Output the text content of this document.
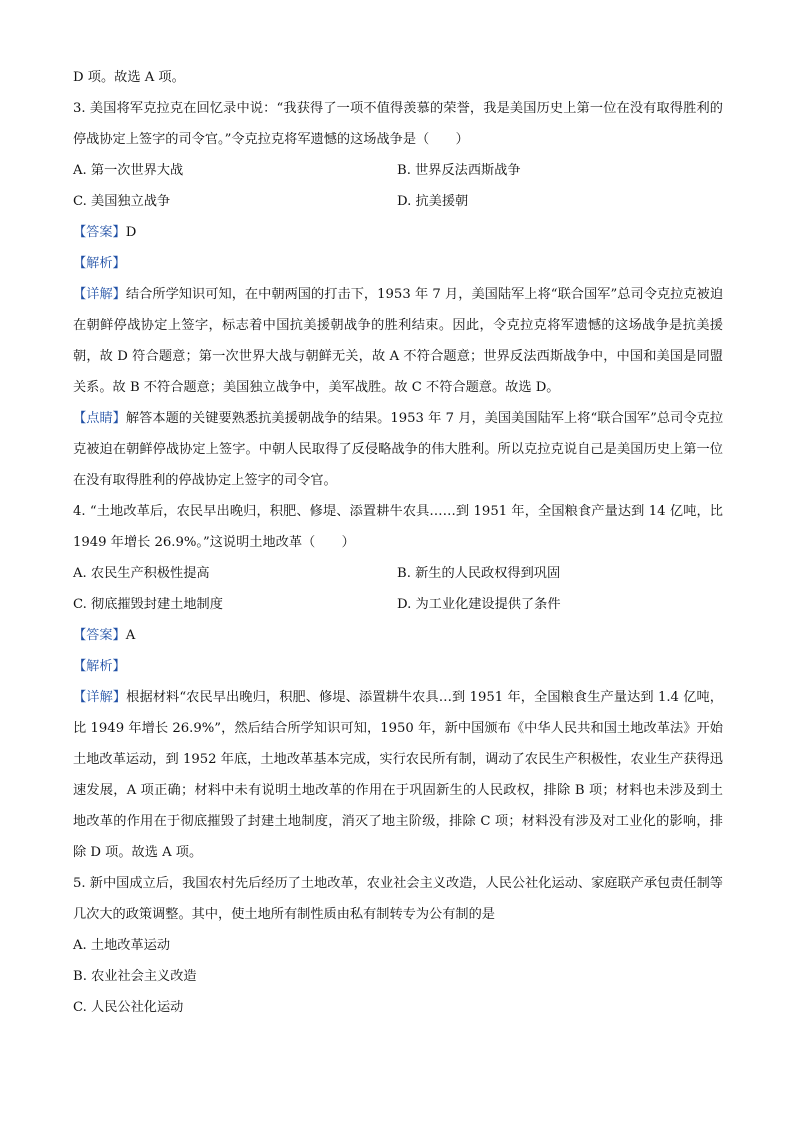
D 项。故选 A 项。
3. 美国将军克拉克在回忆录中说：“我获得了一项不值得羡慕的荣誉，我是美国历史上第一位在没有取得胜利的停战协定上签字的司令官。”令克拉克将军遗憾的这场战争是（　　）
A. 第一次世界大战	B. 世界反法西斯战争
C. 美国独立战争	D. 抗美援朝
【答案】D
【解析】
【详解】结合所学知识可知，在中朝两国的打击下，1953 年 7 月，美国陆军上将“联合国军”总司令克拉克被迫在朝鲜停战协定上签字，标志着中国抗美援朝战争的胜利结束。因此，令克拉克将军遗憾的这场战争是抗美援朝，故 D 符合题意；第一次世界大战与朝鲜无关，故 A 不符合题意；世界反法西斯战争中，中国和美国是同盟关系。故 B 不符合题意；美国独立战争中，美军战胜。故 C 不符合题意。故选 D。
【点睛】解答本题的关键要熟悉抗美援朝战争的结果。1953 年 7 月，美国美国陆军上将“联合国军”总司令克拉克被迫在朝鲜停战协定上签字。中朝人民取得了反侵略战争的伟大胜利。所以克拉克说自己是美国历史上第一位在没有取得胜利的停战协定上签字的司令官。
4. “土地改革后，农民早出晚归，积肥、修堤、添置耕牛农具……到 1951 年，全国粮食产量达到 14 亿吨，比 1949 年增长 26.9%。”这说明土地改革（　　）
A. 农民生产积极性提高	B. 新生的人民政权得到巩固
C. 彻底摧毁封建土地制度	D. 为工业化建设提供了条件
【答案】A
【解析】
【详解】根据材料“农民早出晚归，积肥、修堤、添置耕牛农具…到 1951 年，全国粮食生产量达到 1.4 亿吨，比 1949 年增长 26.9%”，然后结合所学知识可知，1950 年，新中国颁布《中华人民共和国土地改革法》开始土地改革运动，到 1952 年底，土地改革基本完成，实行农民所有制，调动了农民生产积极性，农业生产获得迅速发展，A 项正确；材料中未有说明土地改革的作用在于巩固新生的人民政权，排除 B 项；材料也未涉及到土地改革的作用在于彻底摧毁了封建土地制度，消灭了地主阶级，排除 C 项；材料没有涉及对工业化的影响，排除 D 项。故选 A 项。
5. 新中国成立后，我国农村先后经历了土地改革，农业社会主义改造，人民公社化运动、家庭联产承包责任制等几次大的政策调整。其中，使土地所有制性质由私有制转专为公有制的是
A. 土地改革运动
B. 农业社会主义改造
C. 人民公社化运动
